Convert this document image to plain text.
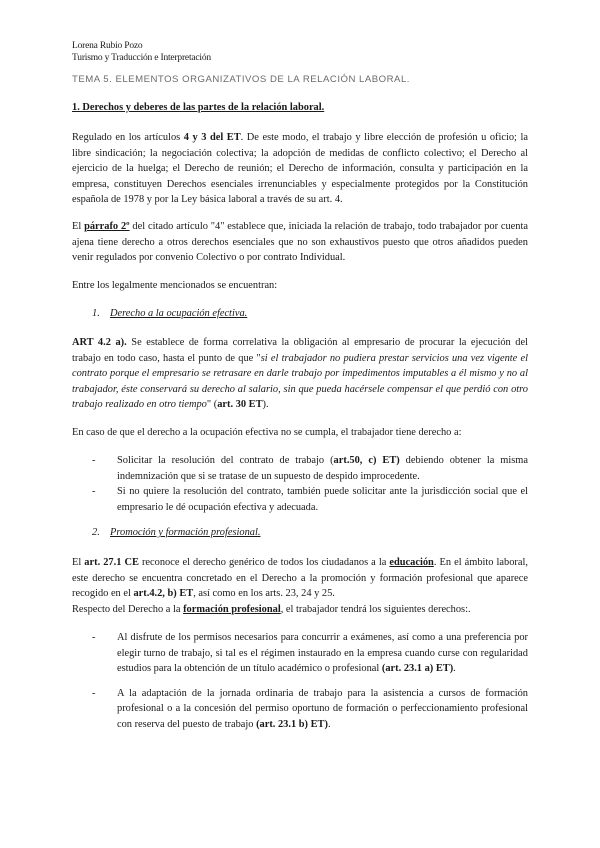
Lorena Rubio Pozo
Turismo y Traducción e Interpretación
TEMA 5. ELEMENTOS ORGANIZATIVOS DE LA RELACIÓN LABORAL.
1. Derechos y deberes de las partes de la relación laboral.
Regulado en los artículos 4 y 3 del ET. De este modo, el trabajo y libre elección de profesión u oficio; la libre sindicación; la negociación colectiva; la adopción de medidas de conflicto colectivo; el Derecho al ejercicio de la huelga; el Derecho de reunión; el Derecho de información, consulta y participación en la empresa, constituyen Derechos esenciales irrenunciables y especialmente protegidos por la Constitución española de 1978 y por la Ley básica laboral a través de su art. 4.
El párrafo 2º del citado artículo "4" establece que, iniciada la relación de trabajo, todo trabajador por cuenta ajena tiene derecho a otros derechos esenciales que no son exhaustivos puesto que otros añadidos pueden venir regulados por convenio Colectivo o por contrato Individual.
Entre los legalmente mencionados se encuentran:
1. Derecho a la ocupación efectiva.
ART 4.2 a). Se establece de forma correlativa la obligación al empresario de procurar la ejecución del trabajo en todo caso, hasta el punto de que "si el trabajador no pudiera prestar servicios una vez vigente el contrato porque el empresario se retrasare en darle trabajo por impedimentos imputables a él mismo y no al trabajador, éste conservará su derecho al salario, sin que pueda hacérsele compensar el que perdió con otro trabajo realizado en otro tiempo" (art. 30 ET).
En caso de que el derecho a la ocupación efectiva no se cumpla, el trabajador tiene derecho a:
- Solicitar la resolución del contrato de trabajo (art.50, c) ET) debiendo obtener la misma indemnización que si se tratase de un supuesto de despido improcedente.
- Si no quiere la resolución del contrato, también puede solicitar ante la jurisdicción social que el empresario le dé ocupación efectiva y adecuada.
2. Promoción y formación profesional.
El art. 27.1 CE reconoce el derecho genérico de todos los ciudadanos a la educación. En el ámbito laboral, este derecho se encuentra concretado en el Derecho a la promoción y formación profesional que aparece recogido en el art.4.2, b) ET, así como en los arts. 23, 24 y 25.
Respecto del Derecho a la formación profesional, el trabajador tendrá los siguientes derechos:.
- Al disfrute de los permisos necesarios para concurrir a exámenes, así como a una preferencia por elegir turno de trabajo, si tal es el régimen instaurado en la empresa cuando curse con regularidad estudios para la obtención de un título académico o profesional (art. 23.1 a) ET).
- A la adaptación de la jornada ordinaria de trabajo para la asistencia a cursos de formación profesional o a la concesión del permiso oportuno de formación o perfeccionamiento profesional con reserva del puesto de trabajo (art. 23.1 b) ET).
